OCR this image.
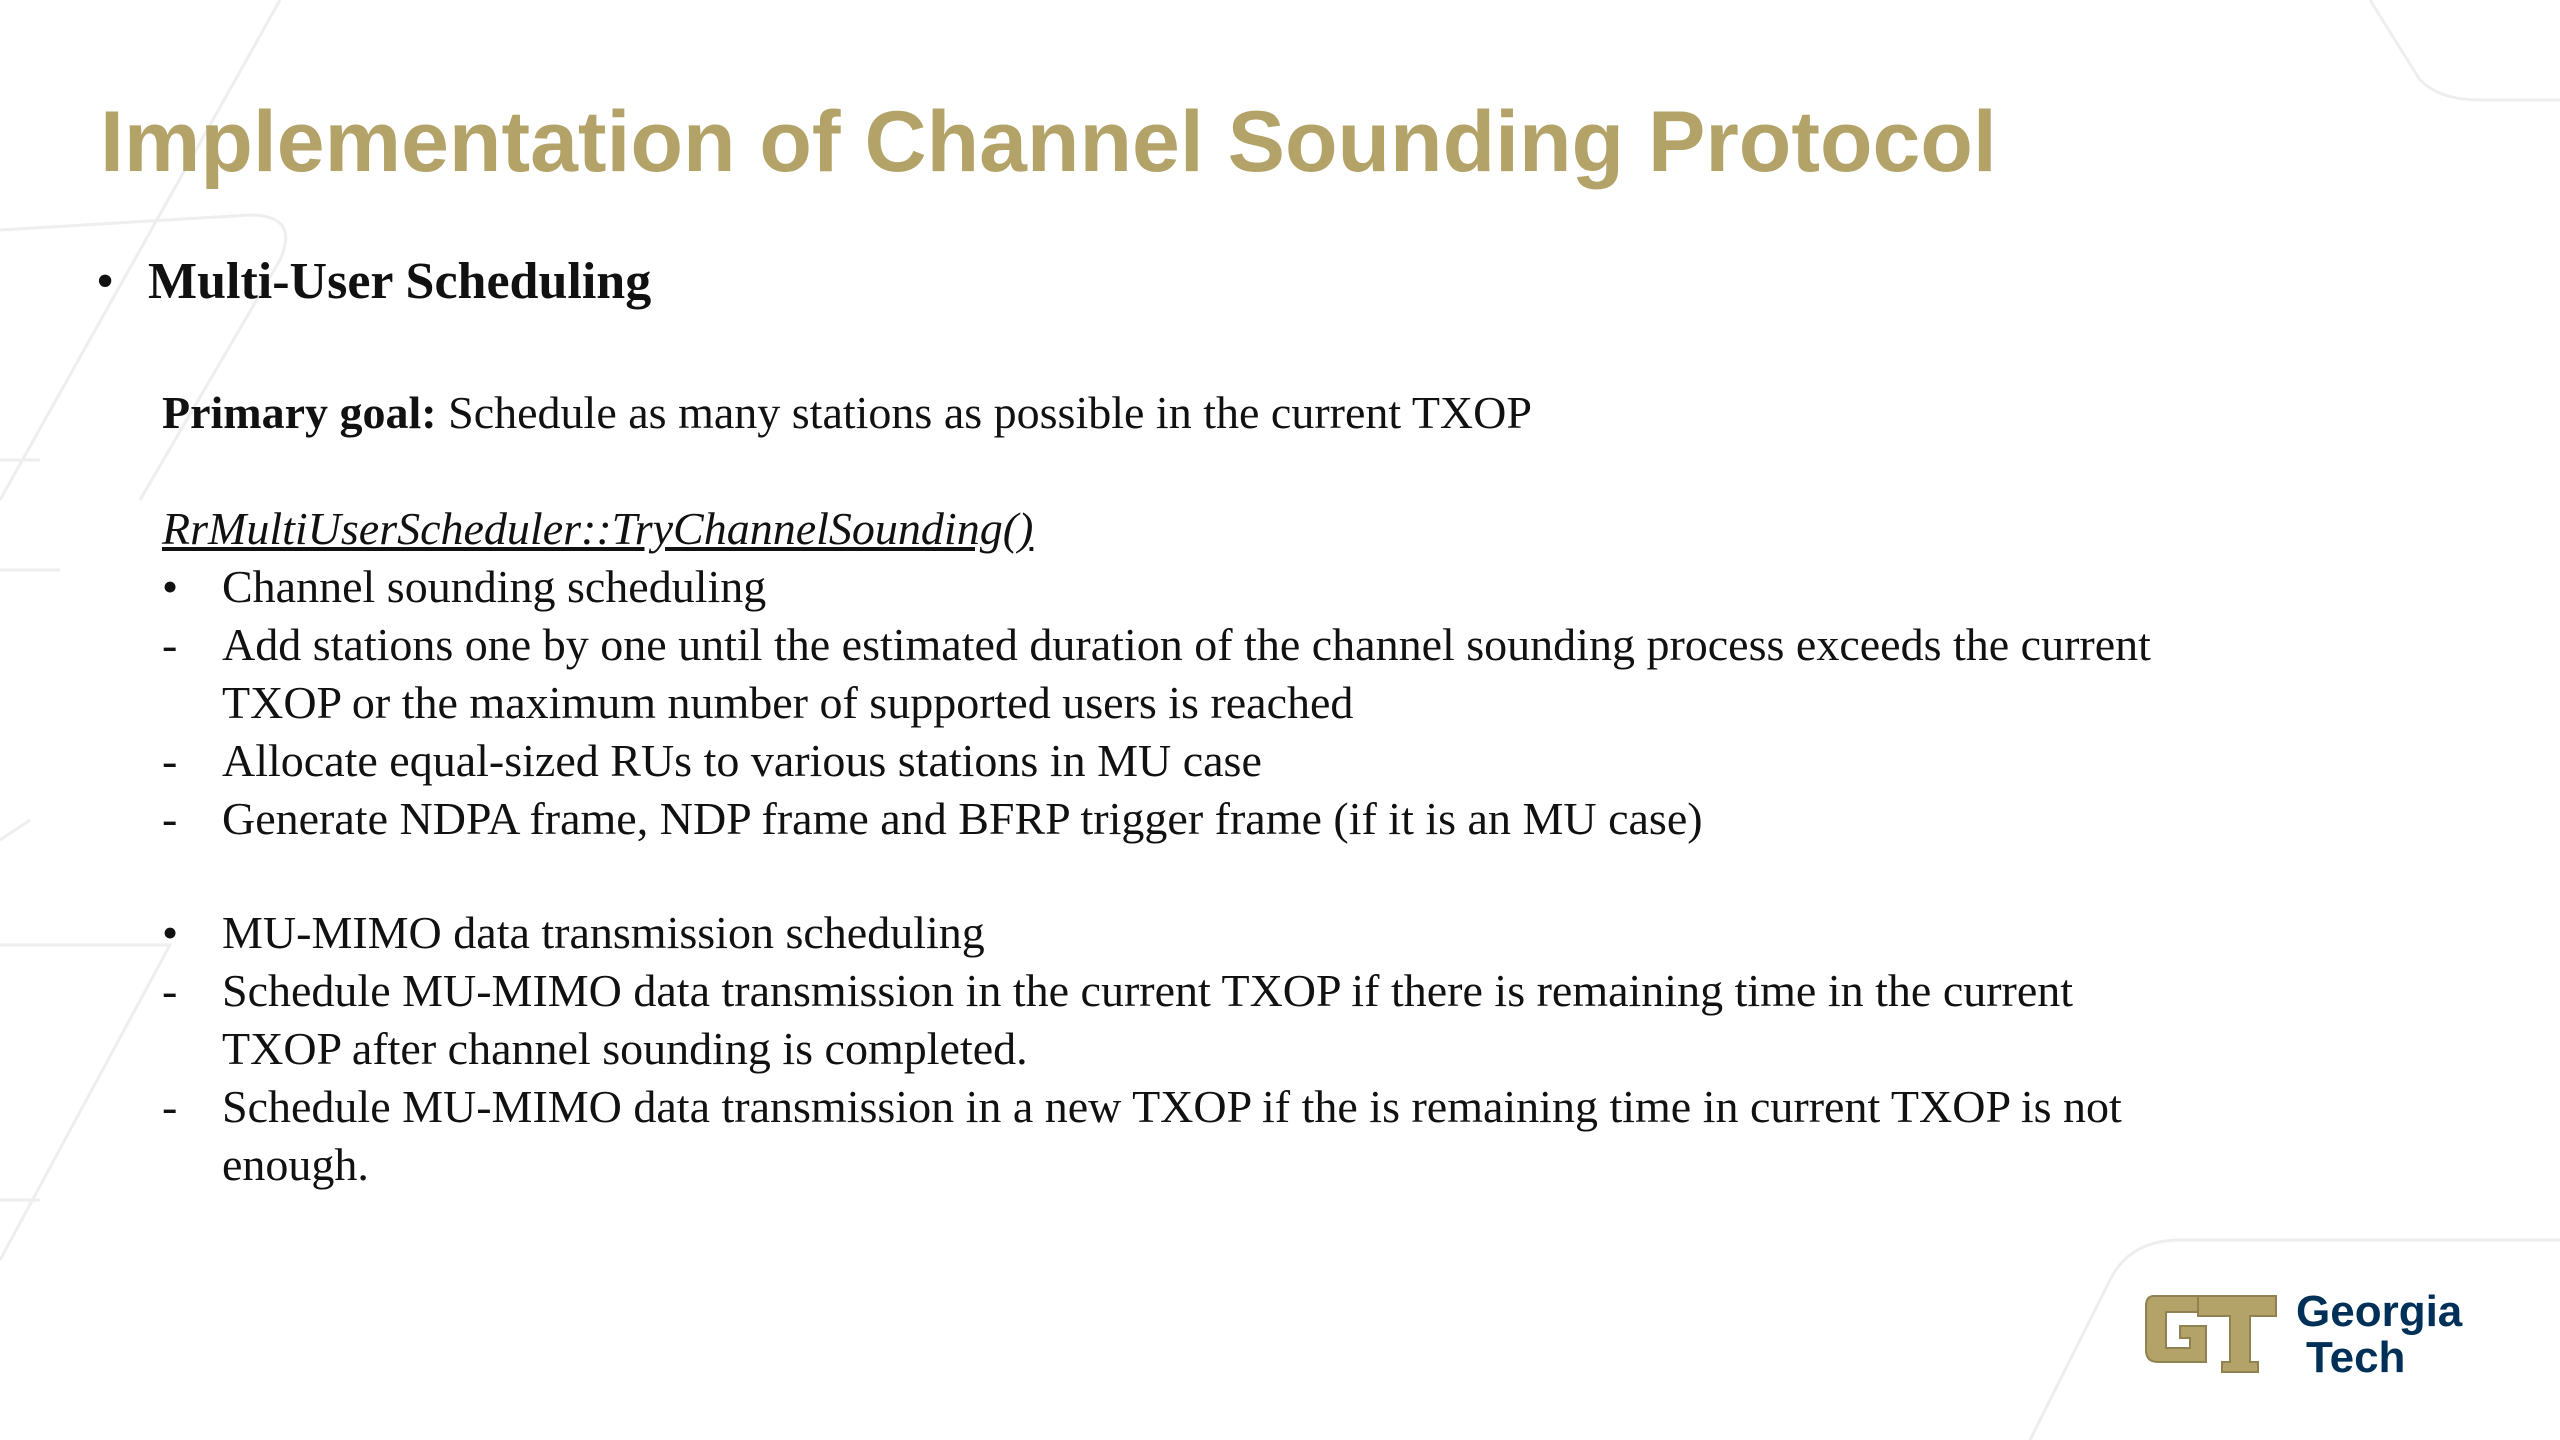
Implementation of Channel Sounding Protocol
• Multi-User Scheduling
Primary goal: Schedule as many stations as possible in the current TXOP
RrMultiUserScheduler::TryChannelSounding()
• Channel sounding scheduling
- Add stations one by one until the estimated duration of the channel sounding process exceeds the current TXOP or the maximum number of supported users is reached
- Allocate equal-sized RUs to various stations in MU case
- Generate NDPA frame, NDP frame and BFRP trigger frame (if it is an MU case)
• MU-MIMO data transmission scheduling
- Schedule MU-MIMO data transmission in the current TXOP if there is remaining time in the current TXOP after channel sounding is completed.
- Schedule MU-MIMO data transmission in a new TXOP if the is remaining time in current TXOP is not enough.
Georgia
Tech
